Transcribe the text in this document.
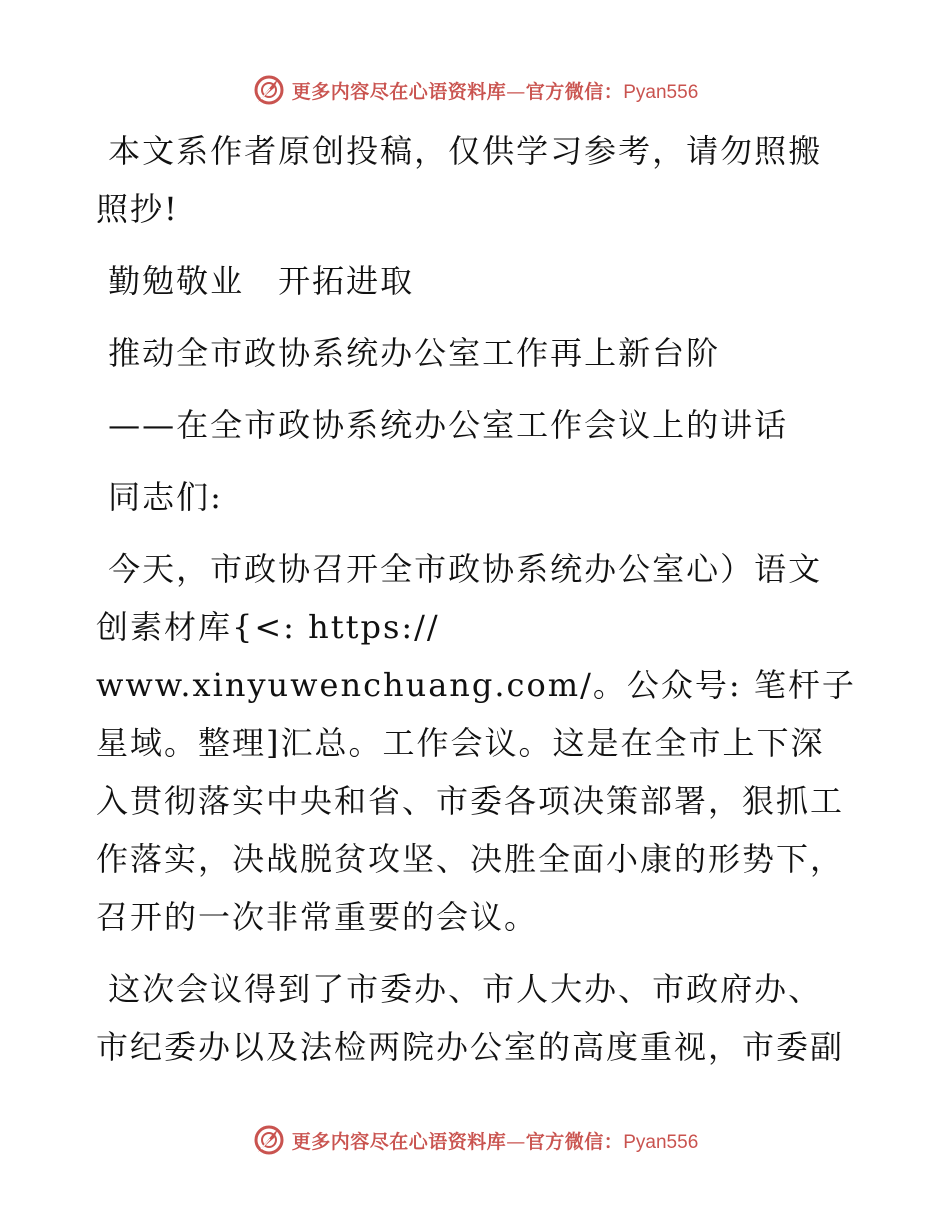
更多内容尽在心语资料库—官方微信：Pyan556

本文系作者原创投稿，仅供学习参考，请勿照搬照抄!

勤勉敬业　开拓进取

推动全市政协系统办公室工作再上新台阶

——在全市政协系统办公室工作会议上的讲话

同志们:

今天，市政协召开全市政协系统办公室心）语文创素材库{<: https://
www.xinyuwenchuang.com/。公众号: 笔杆子星域。整理]汇总。工作会议。这是在全市上下深入贯彻落实中央和省、市委各项决策部署，狠抓工作落实，决战脱贫攻坚、决胜全面小康的形势下，召开的一次非常重要的会议。

这次会议得到了市委办、市人大办、市政府办、市纪委办以及法检两院办公室的高度重视，市委副

更多内容尽在心语资料库—官方微信：Pyan556
